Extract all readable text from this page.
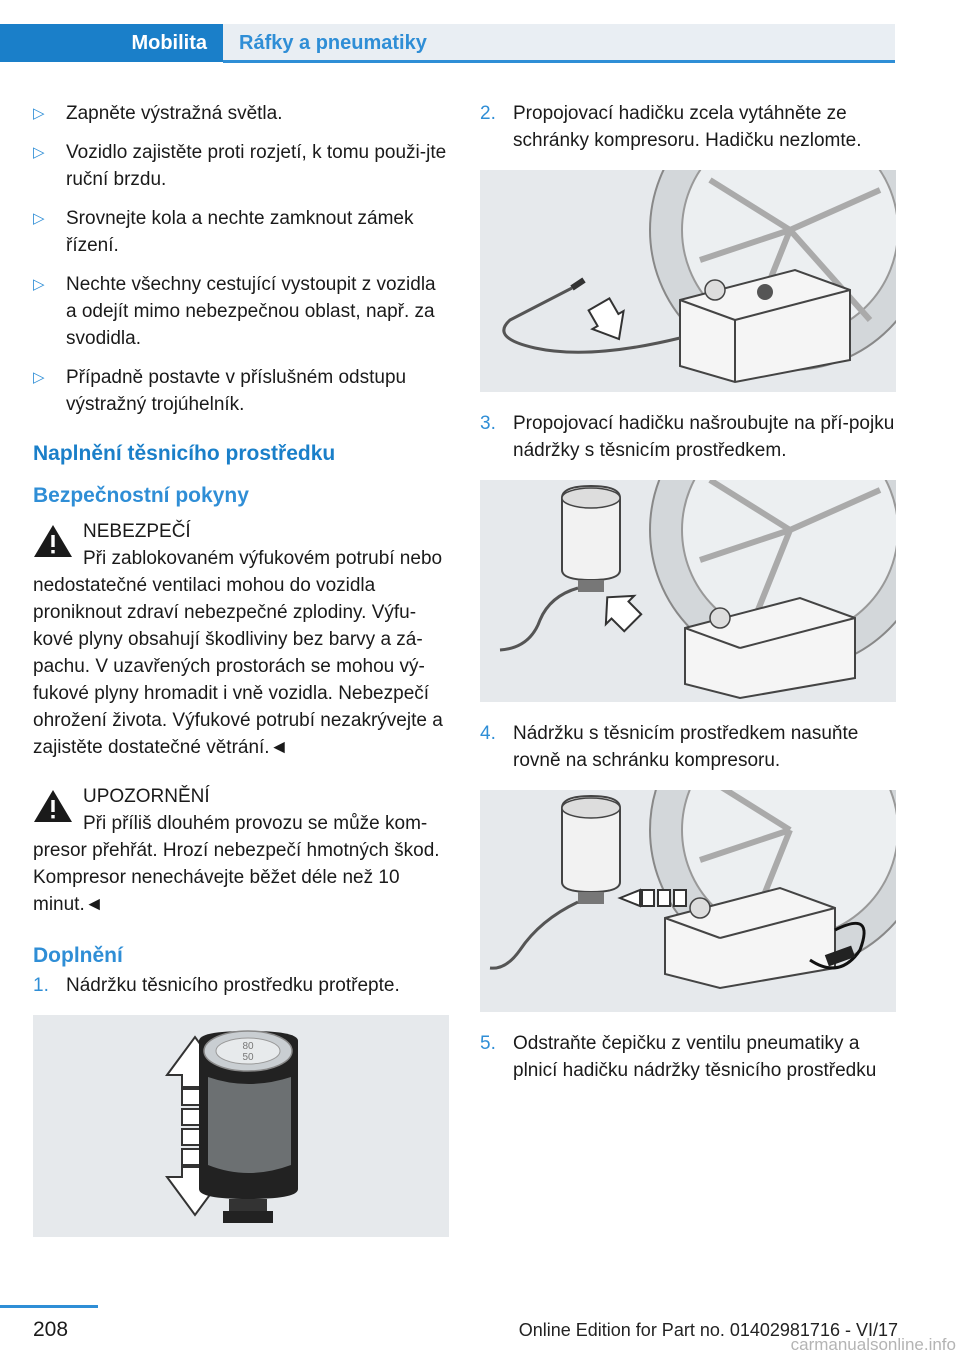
Mobilita	Ráfky a pneumatiky
▷ Zapněte výstražná světla.
▷ Vozidlo zajistěte proti rozjetí, k tomu použi-jte ruční brzdu.
▷ Srovnejte kola a nechte zamknout zámek řízení.
▷ Nechte všechny cestující vystoupit z vozidla a odejít mimo nebezpečnou oblast, např. za svodidla.
▷ Případně postavte v příslušném odstupu výstražný trojúhelník.
Naplnění těsnicího prostředku
Bezpečnostní pokyny
NEBEZPEČÍ
Při zablokovaném výfukovém potrubí nebo nedostatečné ventilaci mohou do vozidla proniknout zdraví nebezpečné zplodiny. Výfu-kové plyny obsahují škodliviny bez barvy a zá-pachu. V uzavřených prostorách se mohou vý-fukové plyny hromadit i vně vozidla. Nebezpečí ohrožení života. Výfukové potrubí nezakrývejte a zajistěte dostatečné větrání.◄
UPOZORNĚNÍ
Při příliš dlouhém provozu se může kom-presor přehřát. Hrozí nebezpečí hmotných škod. Kompresor nenechávejte běžet déle než 10 minut.◄
Doplnění
1. Nádržku těsnicího prostředku protřepte.
80
50
2. Propojovací hadičku zcela vytáhněte ze schránky kompresoru. Hadičku nezlomte.
3. Propojovací hadičku našroubujte na pří-pojku nádržky s těsnicím prostředkem.
4. Nádržku s těsnicím prostředkem nasuňte rovně na schránku kompresoru.
5. Odstraňte čepičku z ventilu pneumatiky a plnicí hadičku nádržky těsnicího prostředku
208	Online Edition for Part no. 01402981716 - VI/17
carmanualsonline.info
